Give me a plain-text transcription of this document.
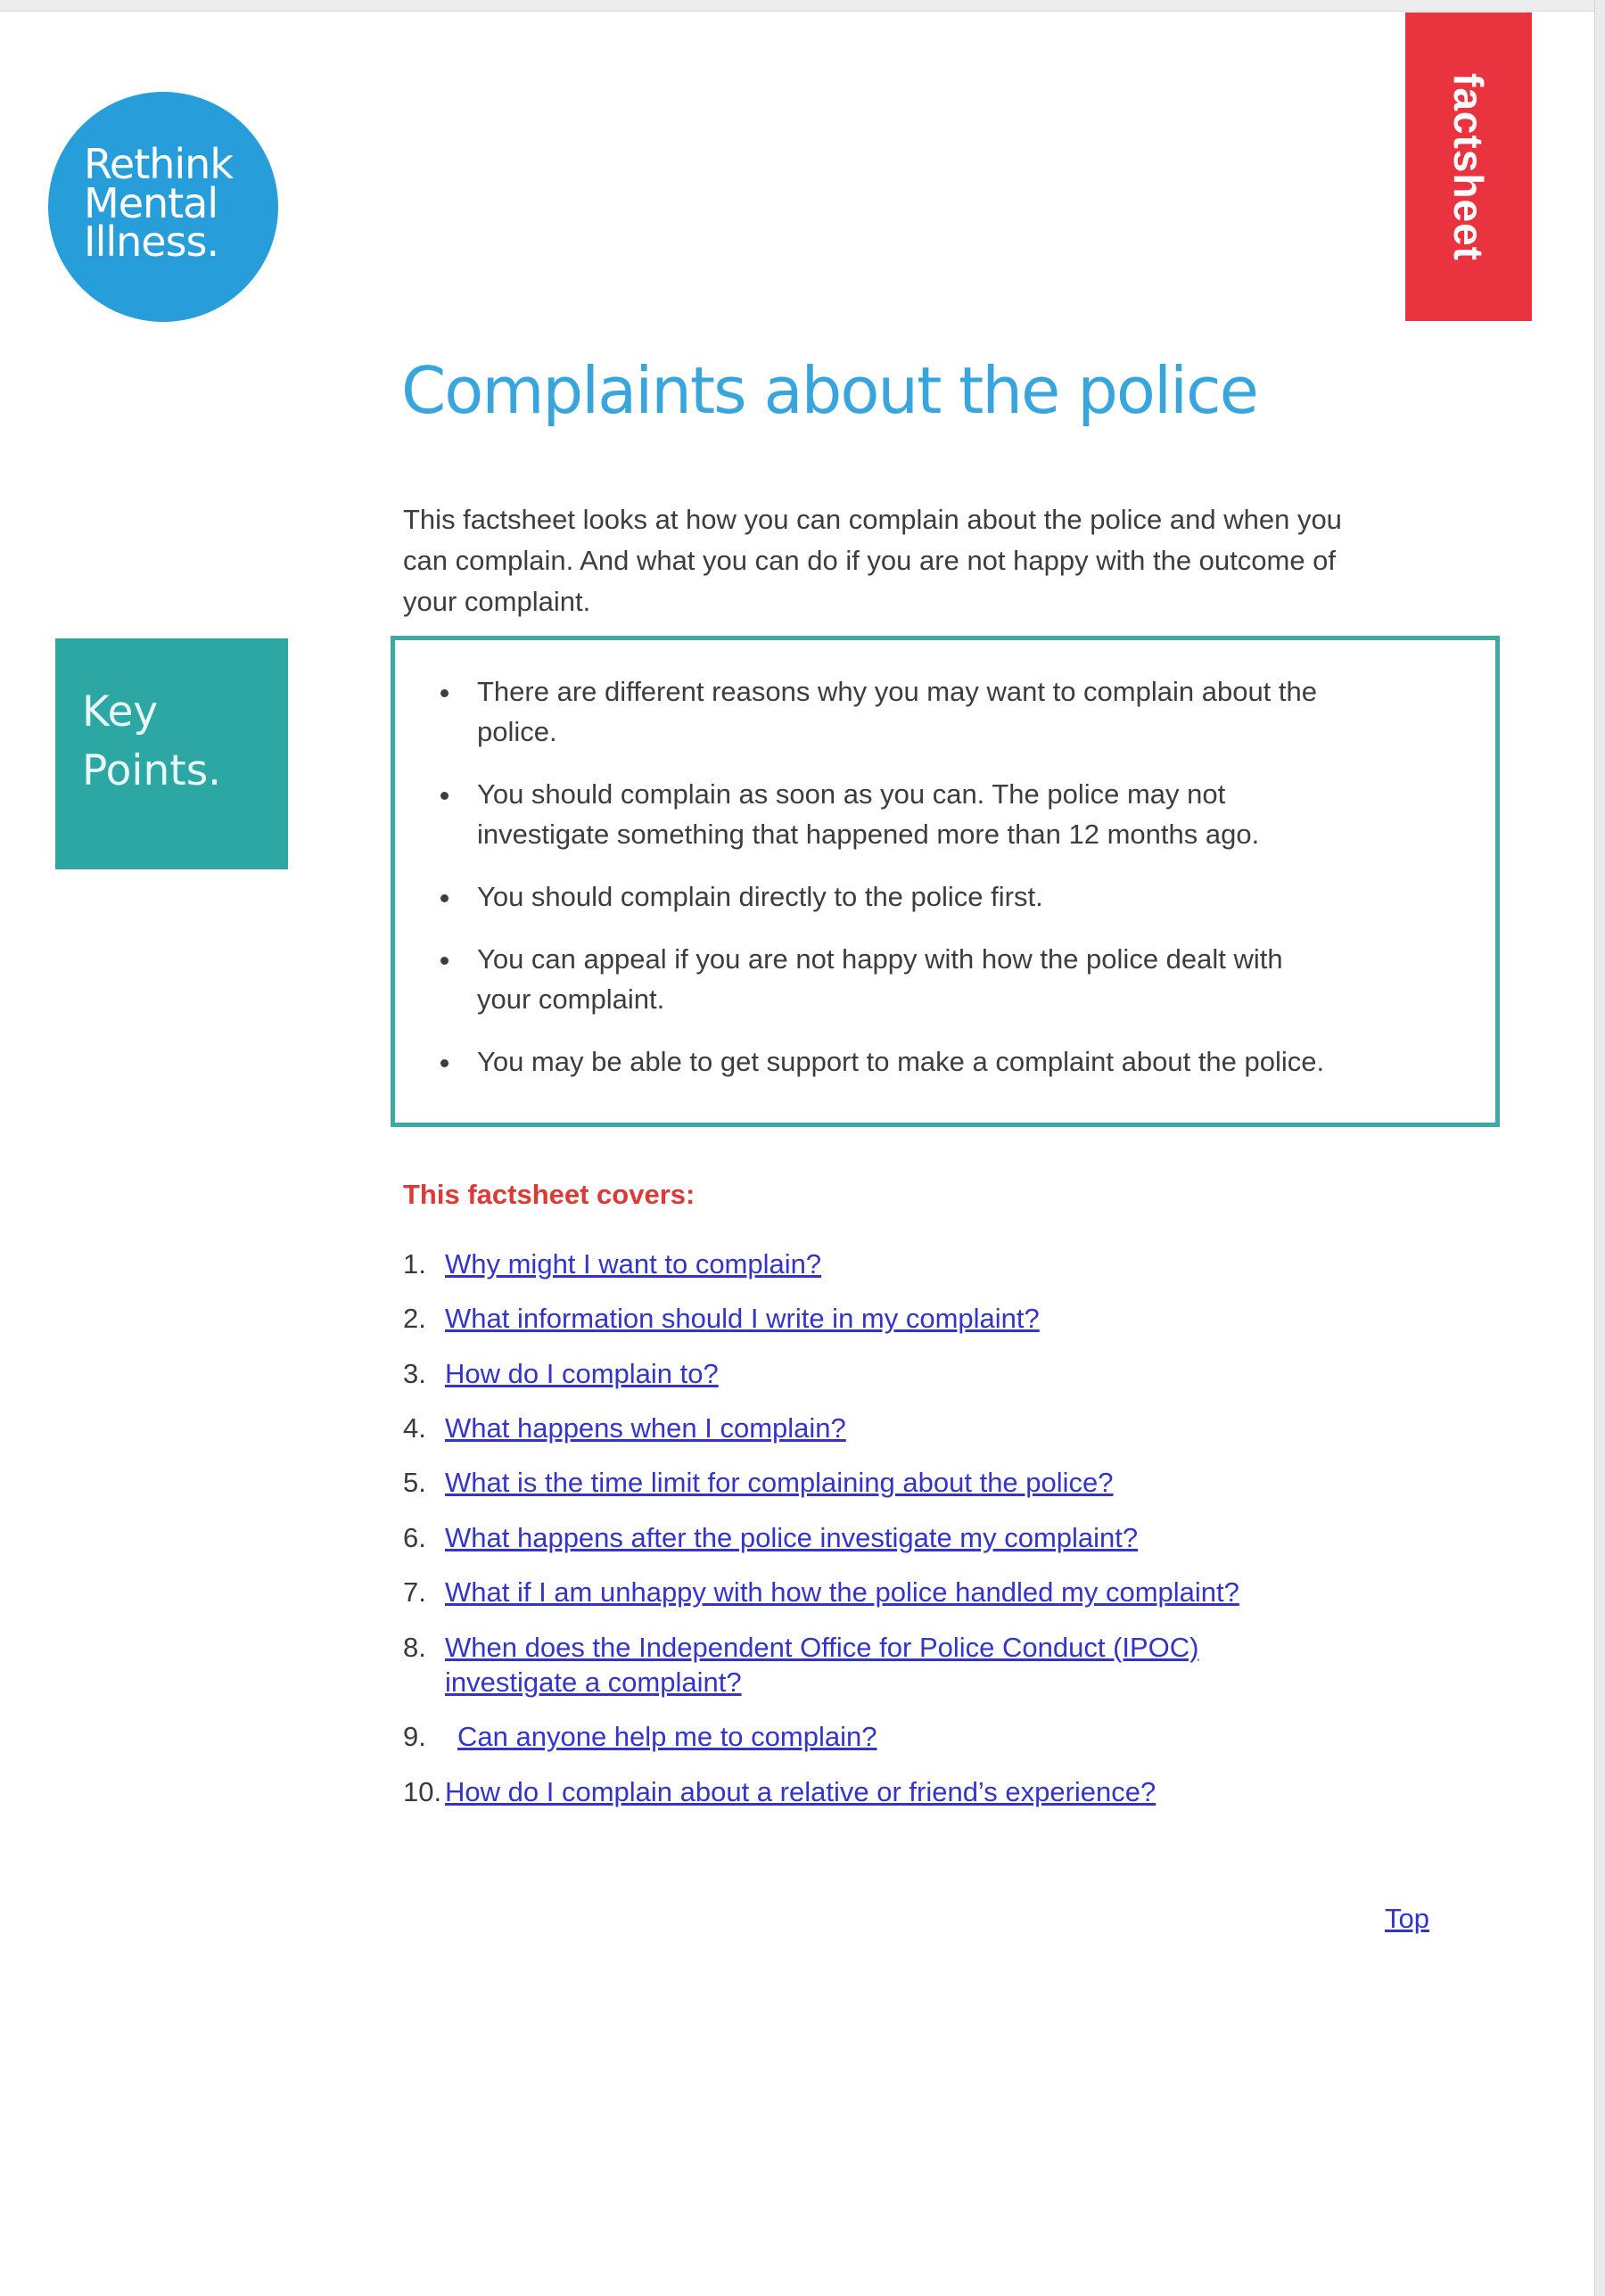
Rethink
Mental
Illness.	factsheet
Complaints about the police
This factsheet looks at how you can complain about the police and when you can complain. And what you can do if you are not happy with the outcome of your complaint.
Key
Points.
• There are different reasons why you may want to complain about the police.
• You should complain as soon as you can. The police may not investigate something that happened more than 12 months ago.
• You should complain directly to the police first.
• You can appeal if you are not happy with how the police dealt with your complaint.
• You may be able to get support to make a complaint about the police.
This factsheet covers:
1. Why might I want to complain?
2. What information should I write in my complaint?
3. How do I complain to?
4. What happens when I complain?
5. What is the time limit for complaining about the police?
6. What happens after the police investigate my complaint?
7. What if I am unhappy with how the police handled my complaint?
8. When does the Independent Office for Police Conduct (IPOC) investigate a complaint?
9.	Can anyone help me to complain?
10. How do I complain about a relative or friend’s experience?
Top
